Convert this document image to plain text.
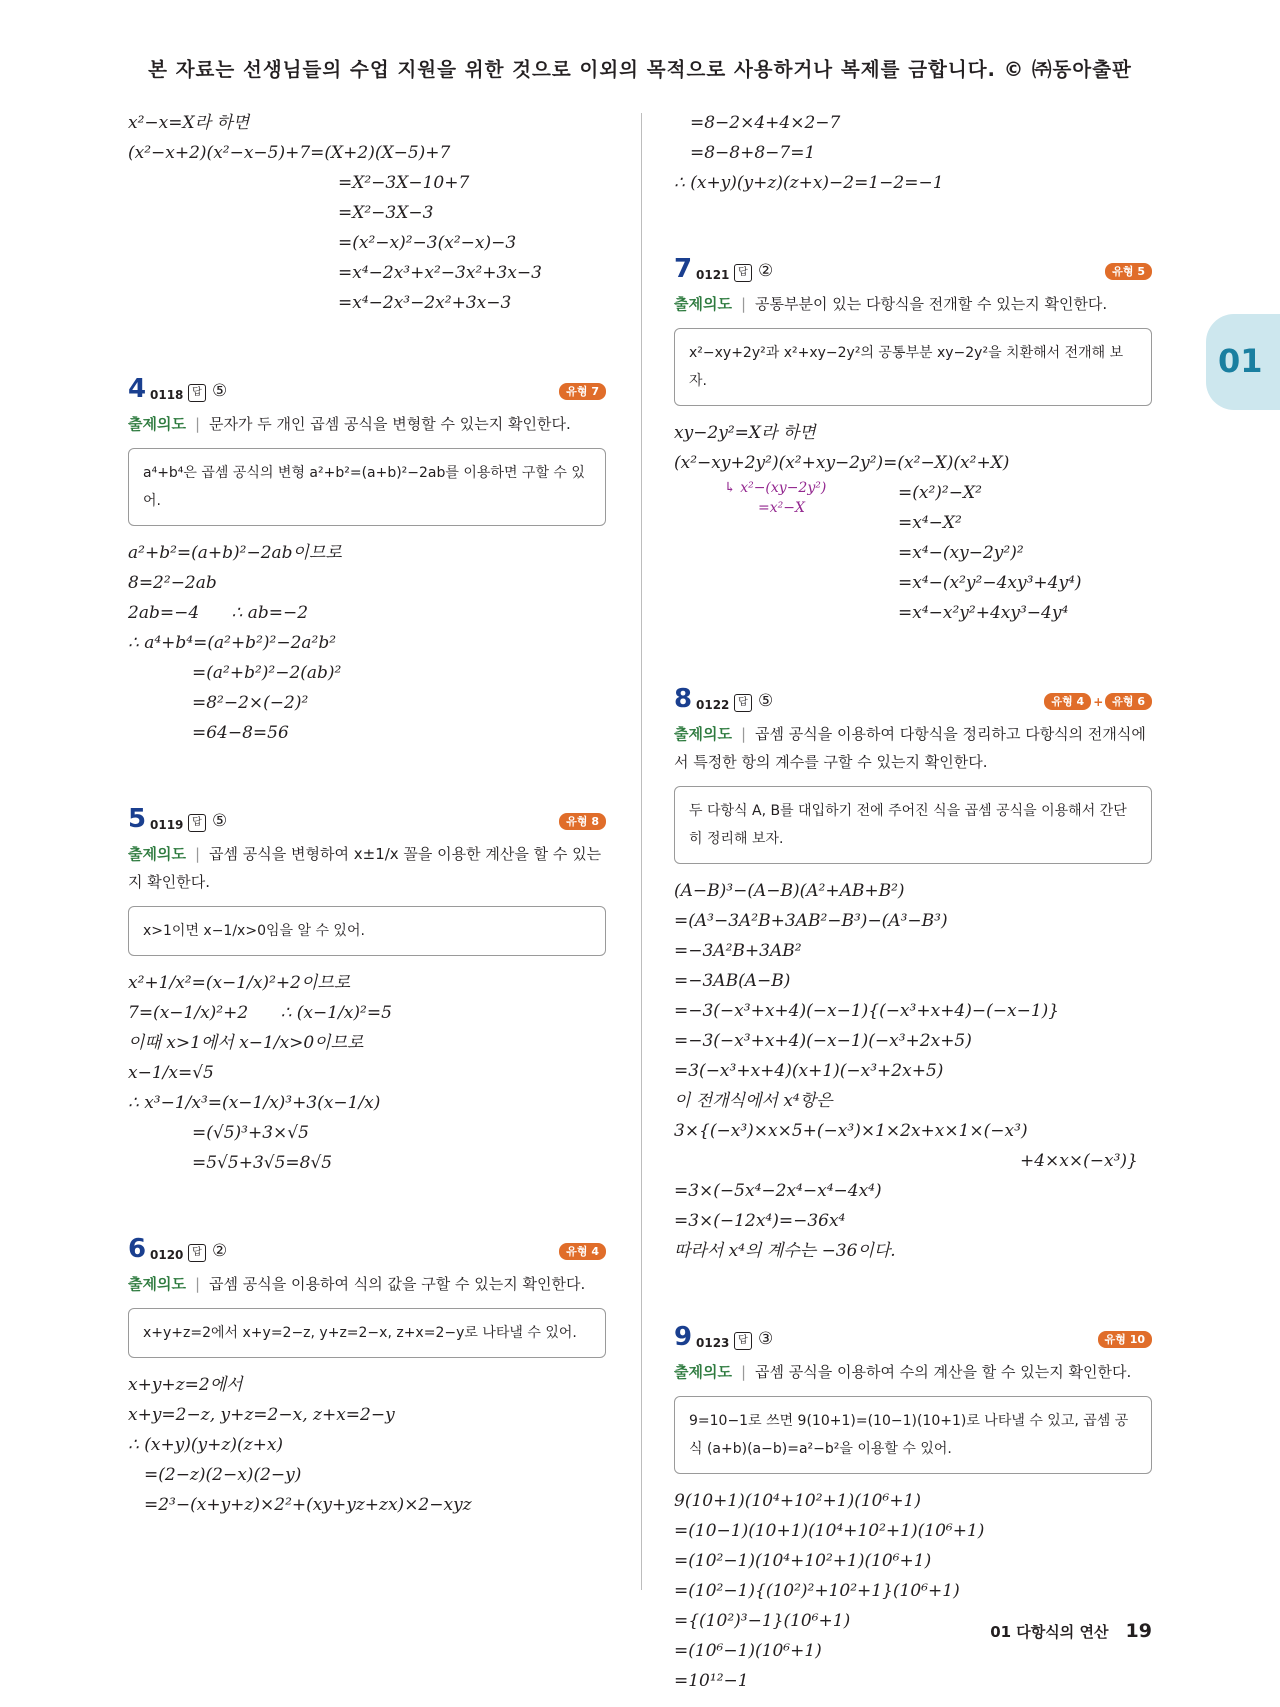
본 자료는 선생님들의 수업 지원을 위한 것으로 이외의 목적으로 사용하거나 복제를 금합니다. © ㈜동아출판
01
x²−x=X라 하면
(x²−x+2)(x²−x−5)+7=(X+2)(X−5)+7
=X²−3X−10+7
=X²−3X−3
=(x²−x)²−3(x²−x)−3
=x⁴−2x³+x²−3x²+3x−3
=x⁴−2x³−2x²+3x−3
4 0118 답 ⑤	유형 7
출제의도 | 문자가 두 개인 곱셈 공식을 변형할 수 있는지 확인한다.
a⁴+b⁴은 곱셈 공식의 변형 a²+b²=(a+b)²−2ab를 이용하면 구할 수 있어.
a²+b²=(a+b)²−2ab이므로
8=2²−2ab
2ab=−4      ∴ ab=−2
∴ a⁴+b⁴=(a²+b²)²−2a²b²
=(a²+b²)²−2(ab)²
=8²−2×(−2)²
=64−8=56
5 0119 답 ⑤	유형 8
출제의도 | 곱셈 공식을 변형하여 x±1/x 꼴을 이용한 계산을 할 수 있는지 확인한다.
x>1이면 x−1/x>0임을 알 수 있어.
x²+1/x²=(x−1/x)²+2이므로
7=(x−1/x)²+2      ∴ (x−1/x)²=5
이때 x>1에서 x−1/x>0이므로
x−1/x=√5
∴ x³−1/x³=(x−1/x)³+3(x−1/x)
=(√5)³+3×√5
=5√5+3√5=8√5
6 0120 답 ②	유형 4
출제의도 | 곱셈 공식을 이용하여 식의 값을 구할 수 있는지 확인한다.
x+y+z=2에서 x+y=2−z, y+z=2−x, z+x=2−y로 나타낼 수 있어.
x+y+z=2에서
x+y=2−z, y+z=2−x, z+x=2−y
∴ (x+y)(y+z)(z+x)
=(2−z)(2−x)(2−y)
=2³−(x+y+z)×2²+(xy+yz+zx)×2−xyz
=8−2×4+4×2−7
=8−8+8−7=1
∴ (x+y)(y+z)(z+x)−2=1−2=−1
7 0121 답 ②	유형 5
출제의도 | 공통부분이 있는 다항식을 전개할 수 있는지 확인한다.
x²−xy+2y²과 x²+xy−2y²의 공통부분 xy−2y²을 치환해서 전개해 보자.
xy−2y²=X라 하면
(x²−xy+2y²)(x²+xy−2y²)=(x²−X)(x²+X)
↳ x²−(xy−2y²)
=x²−X
=(x²)²−X²
=x⁴−X²
=x⁴−(xy−2y²)²
=x⁴−(x²y²−4xy³+4y⁴)
=x⁴−x²y²+4xy³−4y⁴
8 0122 답 ⑤	유형 4 + 유형 6
출제의도 | 곱셈 공식을 이용하여 다항식을 정리하고 다항식의 전개식에서 특정한 항의 계수를 구할 수 있는지 확인한다.
두 다항식 A, B를 대입하기 전에 주어진 식을 곱셈 공식을 이용해서 간단히 정리해 보자.
(A−B)³−(A−B)(A²+AB+B²)
=(A³−3A²B+3AB²−B³)−(A³−B³)
=−3A²B+3AB²
=−3AB(A−B)
=−3(−x³+x+4)(−x−1){(−x³+x+4)−(−x−1)}
=−3(−x³+x+4)(−x−1)(−x³+2x+5)
=3(−x³+x+4)(x+1)(−x³+2x+5)
이 전개식에서 x⁴항은
3×{(−x³)×x×5+(−x³)×1×2x+x×1×(−x³)
+4×x×(−x³)}
=3×(−5x⁴−2x⁴−x⁴−4x⁴)
=3×(−12x⁴)=−36x⁴
따라서 x⁴의 계수는 −36이다.
9 0123 답 ③	유형 10
출제의도 | 곱셈 공식을 이용하여 수의 계산을 할 수 있는지 확인한다.
9=10−1로 쓰면 9(10+1)=(10−1)(10+1)로 나타낼 수 있고, 곱셈 공식 (a+b)(a−b)=a²−b²을 이용할 수 있어.
9(10+1)(10⁴+10²+1)(10⁶+1)
=(10−1)(10+1)(10⁴+10²+1)(10⁶+1)
=(10²−1)(10⁴+10²+1)(10⁶+1)
=(10²−1){(10²)²+10²+1}(10⁶+1)
={(10²)³−1}(10⁶+1)
=(10⁶−1)(10⁶+1)
=10¹²−1
01 다항식의 연산 19
